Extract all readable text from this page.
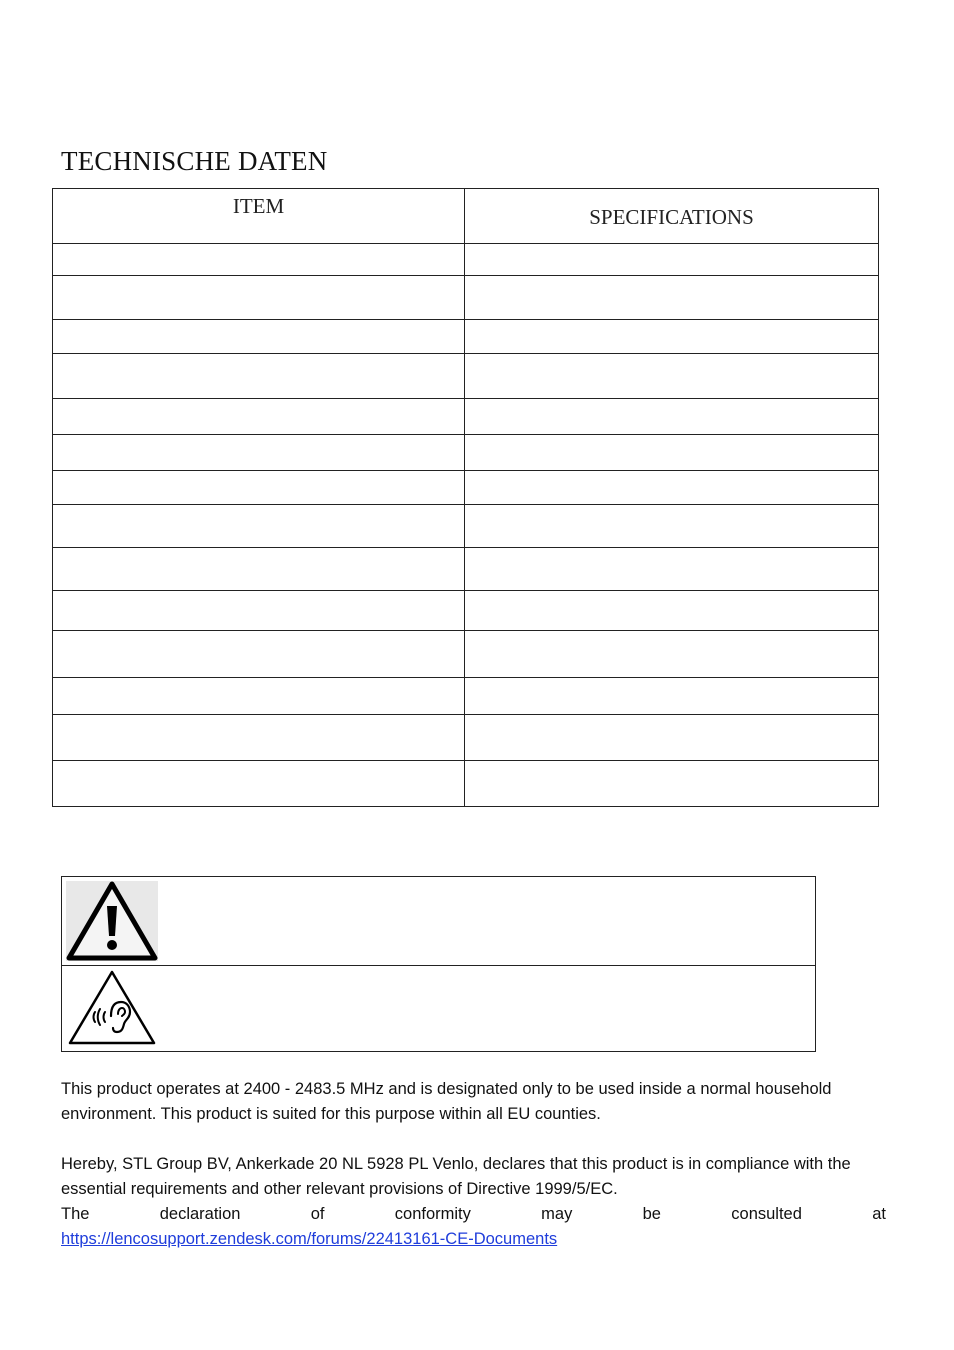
TECHNISCHE DATEN
ITEM	SPECIFICATIONS

This product operates at 2400 - 2483.5 MHz and is designated only to be used inside a normal household environment. This product is suited for this purpose within all EU counties.

Hereby, STL Group BV, Ankerkade 20 NL 5928 PL Venlo, declares that this product is in compliance with the essential requirements and other relevant provisions of Directive 1999/5/EC.

The	declaration	of	conformity	may	be	consulted	at

https://lencosupport.zendesk.com/forums/22413161-CE-Documents
